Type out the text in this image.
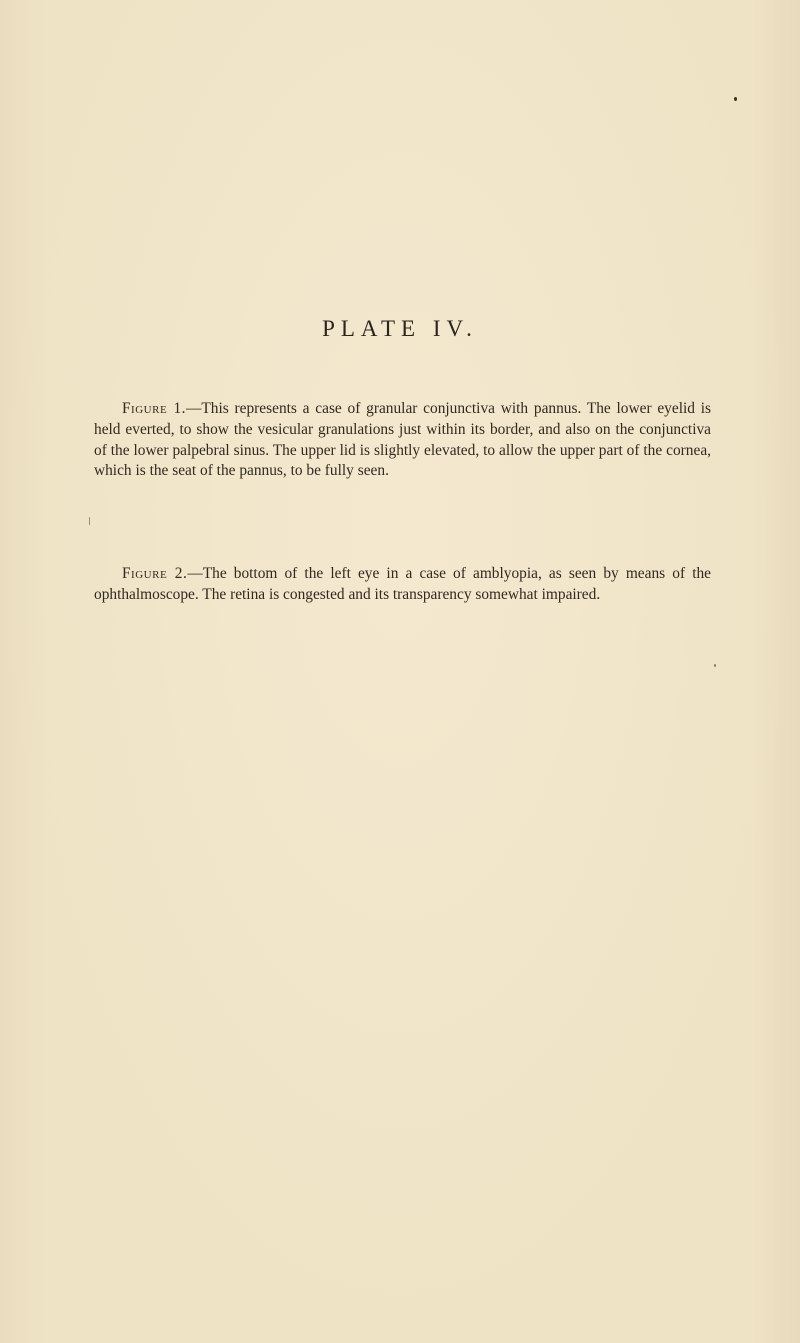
PLATE IV.

Figure 1.—This represents a case of granular conjunctiva with pannus. The lower eyelid is held everted, to show the vesicular granulations just within its border, and also on the conjunctiva of the lower palpebral sinus. The upper lid is slightly elevated, to allow the upper part of the cornea, which is the seat of the pannus, to be fully seen.

Figure 2.—The bottom of the left eye in a case of amblyopia, as seen by means of the ophthalmoscope. The retina is congested and its transparency somewhat impaired.
